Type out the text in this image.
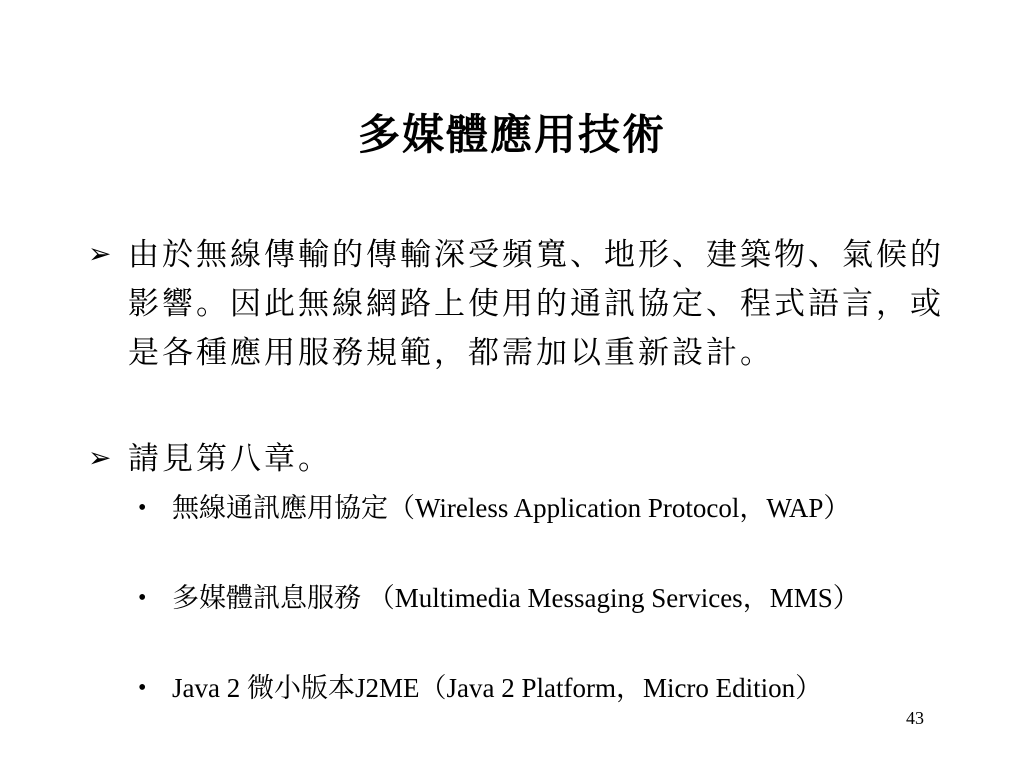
多媒體應用技術
➢ 由於無線傳輸的傳輸深受頻寬、地形、建築物、氣候的影響。因此無線網路上使用的通訊協定、程式語言，或是各種應用服務規範，都需加以重新設計。
➢ 請見第八章。
• 無線通訊應用協定（Wireless Application Protocol，WAP）
• 多媒體訊息服務 （Multimedia Messaging Services，MMS）
• Java 2 微小版本J2ME（Java 2 Platform，Micro Edition）
43
